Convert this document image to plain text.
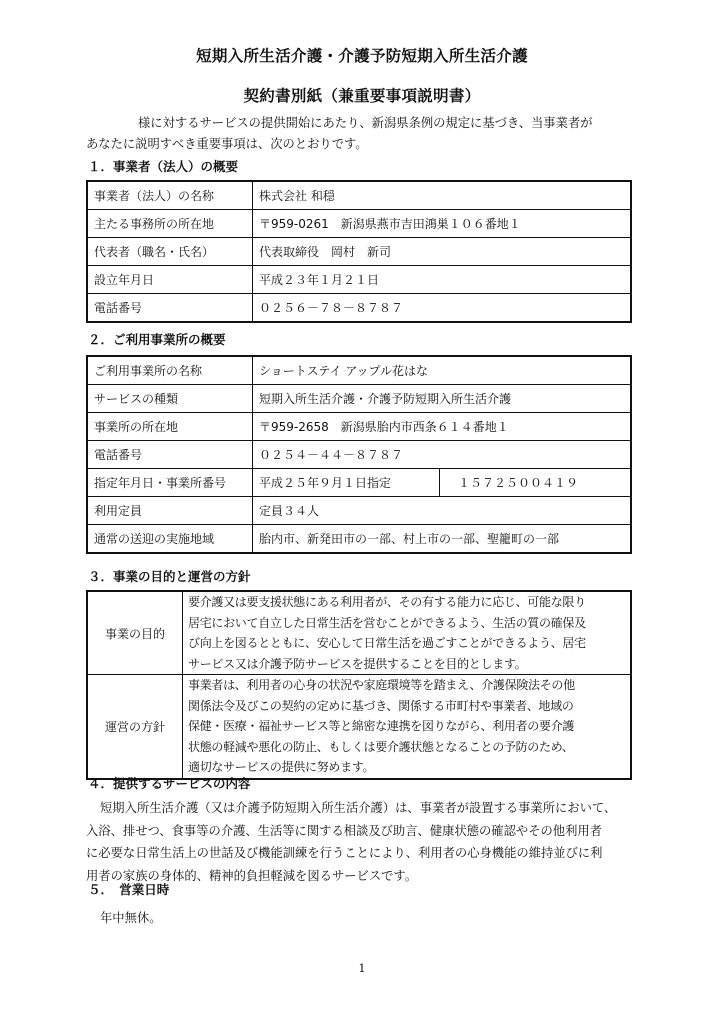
短期入所生活介護・介護予防短期入所生活介護
契約書別紙（兼重要事項説明書）

様に対するサービスの提供開始にあたり、新潟県条例の規定に基づき、当事業者が

あなたに説明すべき重要事項は、次のとおりです。

１．事業者（法人）の概要
事業者（法人）の名称	株式会社 和穏
主たる事務所の所在地	〒959-0261　新潟県燕市吉田鴻巣１０６番地１
代表者（職名・氏名）	代表取締役　岡村　新司
設立年月日	平成２３年１月２１日
電話番号	０２５６－７８－８７８７
２．ご利用事業所の概要
ご利用事業所の名称	ショートステイ アップル花はな	
サービスの種類	短期入所生活介護・介護予防短期入所生活介護	
事業所の所在地	〒959-2658　新潟県胎内市西条６１４番地１	
電話番号	０２５４－４４－８７８７	
指定年月日・事業所番号	平成２５年９月１日指定	１５７２５００４１９
利用定員	定員３４人	
通常の送迎の実施地域	胎内市、新発田市の一部、村上市の一部、聖籠町の一部	
３．事業の目的と運営の方針
事業の目的	要介護又は要支援状態にある利用者が、その有する能力に応じ、可能な限り
居宅において自立した日常生活を営むことができるよう、生活の質の確保及
び向上を図るとともに、安心して日常生活を過ごすことができるよう、居宅
サービス又は介護予防サービスを提供することを目的とします。

運営の方針	事業者は、利用者の心身の状況や家庭環境等を踏まえ、介護保険法その他
関係法令及びこの契約の定めに基づき、関係する市町村や事業者、地域の
保健・医療・福祉サービス等と綿密な連携を図りながら、利用者の要介護
状態の軽減や悪化の防止、もしくは要介護状態となることの予防のため、
適切なサービスの提供に努めます。
４．提供するサービスの内容
短期入所生活介護（又は介護予防短期入所生活介護）は、事業者が設置する事業所において、
入浴、排せつ、食事等の介護、生活等に関する相談及び助言、健康状態の確認やその他利用者
に必要な日常生活上の世話及び機能訓練を行うことにより、利用者の心身機能の維持並びに利
用者の家族の身体的、精神的負担軽減を図るサービスです。
５．　営業日時
年中無休。
1
